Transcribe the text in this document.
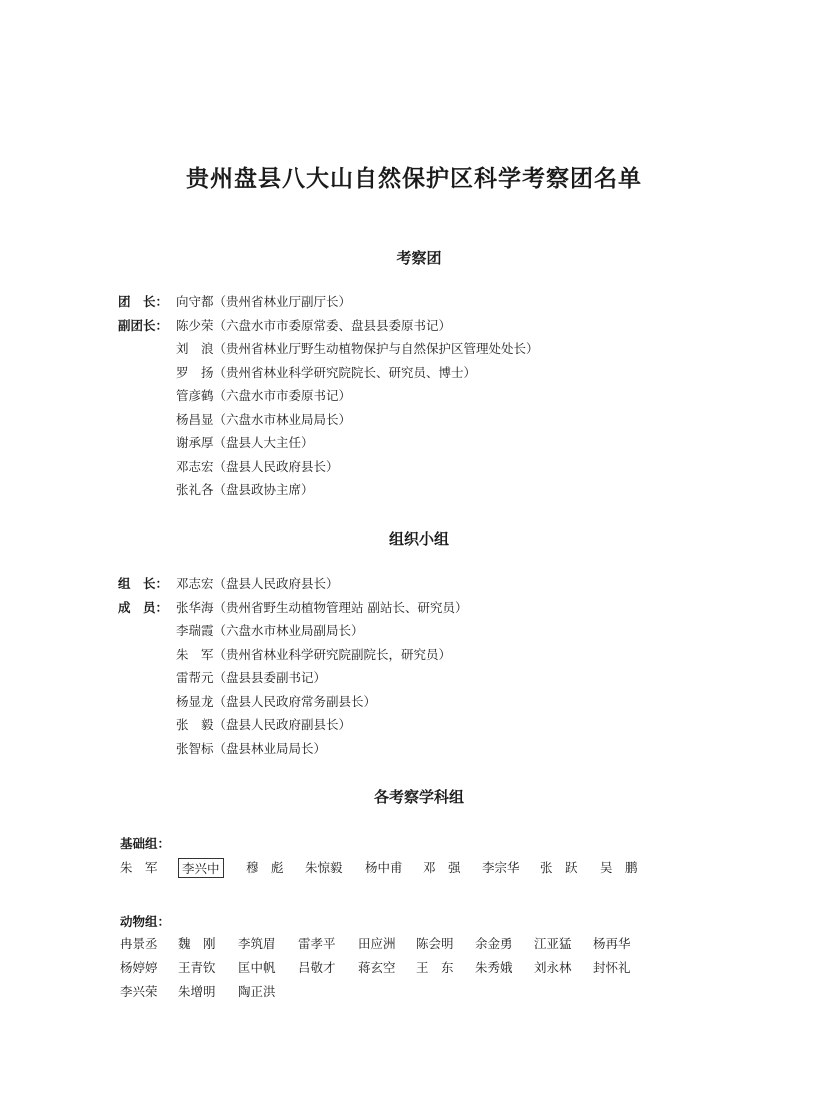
贵州盘县八大山自然保护区科学考察团名单
考察团
团　长： 向守都（贵州省林业厅副厅长）
副团长： 陈少荣（六盘水市市委原常委、盘县县委原书记）
刘　浪（贵州省林业厅野生动植物保护与自然保护区管理处处长）
罗　扬（贵州省林业科学研究院院长、研究员、博士）
管彦鹤（六盘水市市委原书记）
杨昌显（六盘水市林业局局长）
谢承厚（盘县人大主任）
邓志宏（盘县人民政府县长）
张礼各（盘县政协主席）
组织小组
组　长： 邓志宏（盘县人民政府县长）
成　员： 张华海（贵州省野生动植物管理站 副站长、研究员）
李瑞霞（六盘水市林业局副局长）
朱　军（贵州省林业科学研究院副院长，研究员）
雷帮元（盘县县委副书记）
杨显龙（盘县人民政府常务副县长）
张　毅（盘县人民政府副县长）
张智标（盘县林业局局长）
各考察学科组
基础组：
朱　军	李兴中	穆　彪 朱惊毅 杨中甫 邓　强 李宗华 张　跃 吴　鹏
动物组：
冉景丞 魏　刚 李筑眉 雷孝平 田应洲 陈会明 余金勇 江亚猛 杨再华
杨婷婷 王青钦 匡中帆 吕敬才 蒋玄空 王　东 朱秀娥 刘永林 封怀礼
李兴荣 朱增明 陶正洪
